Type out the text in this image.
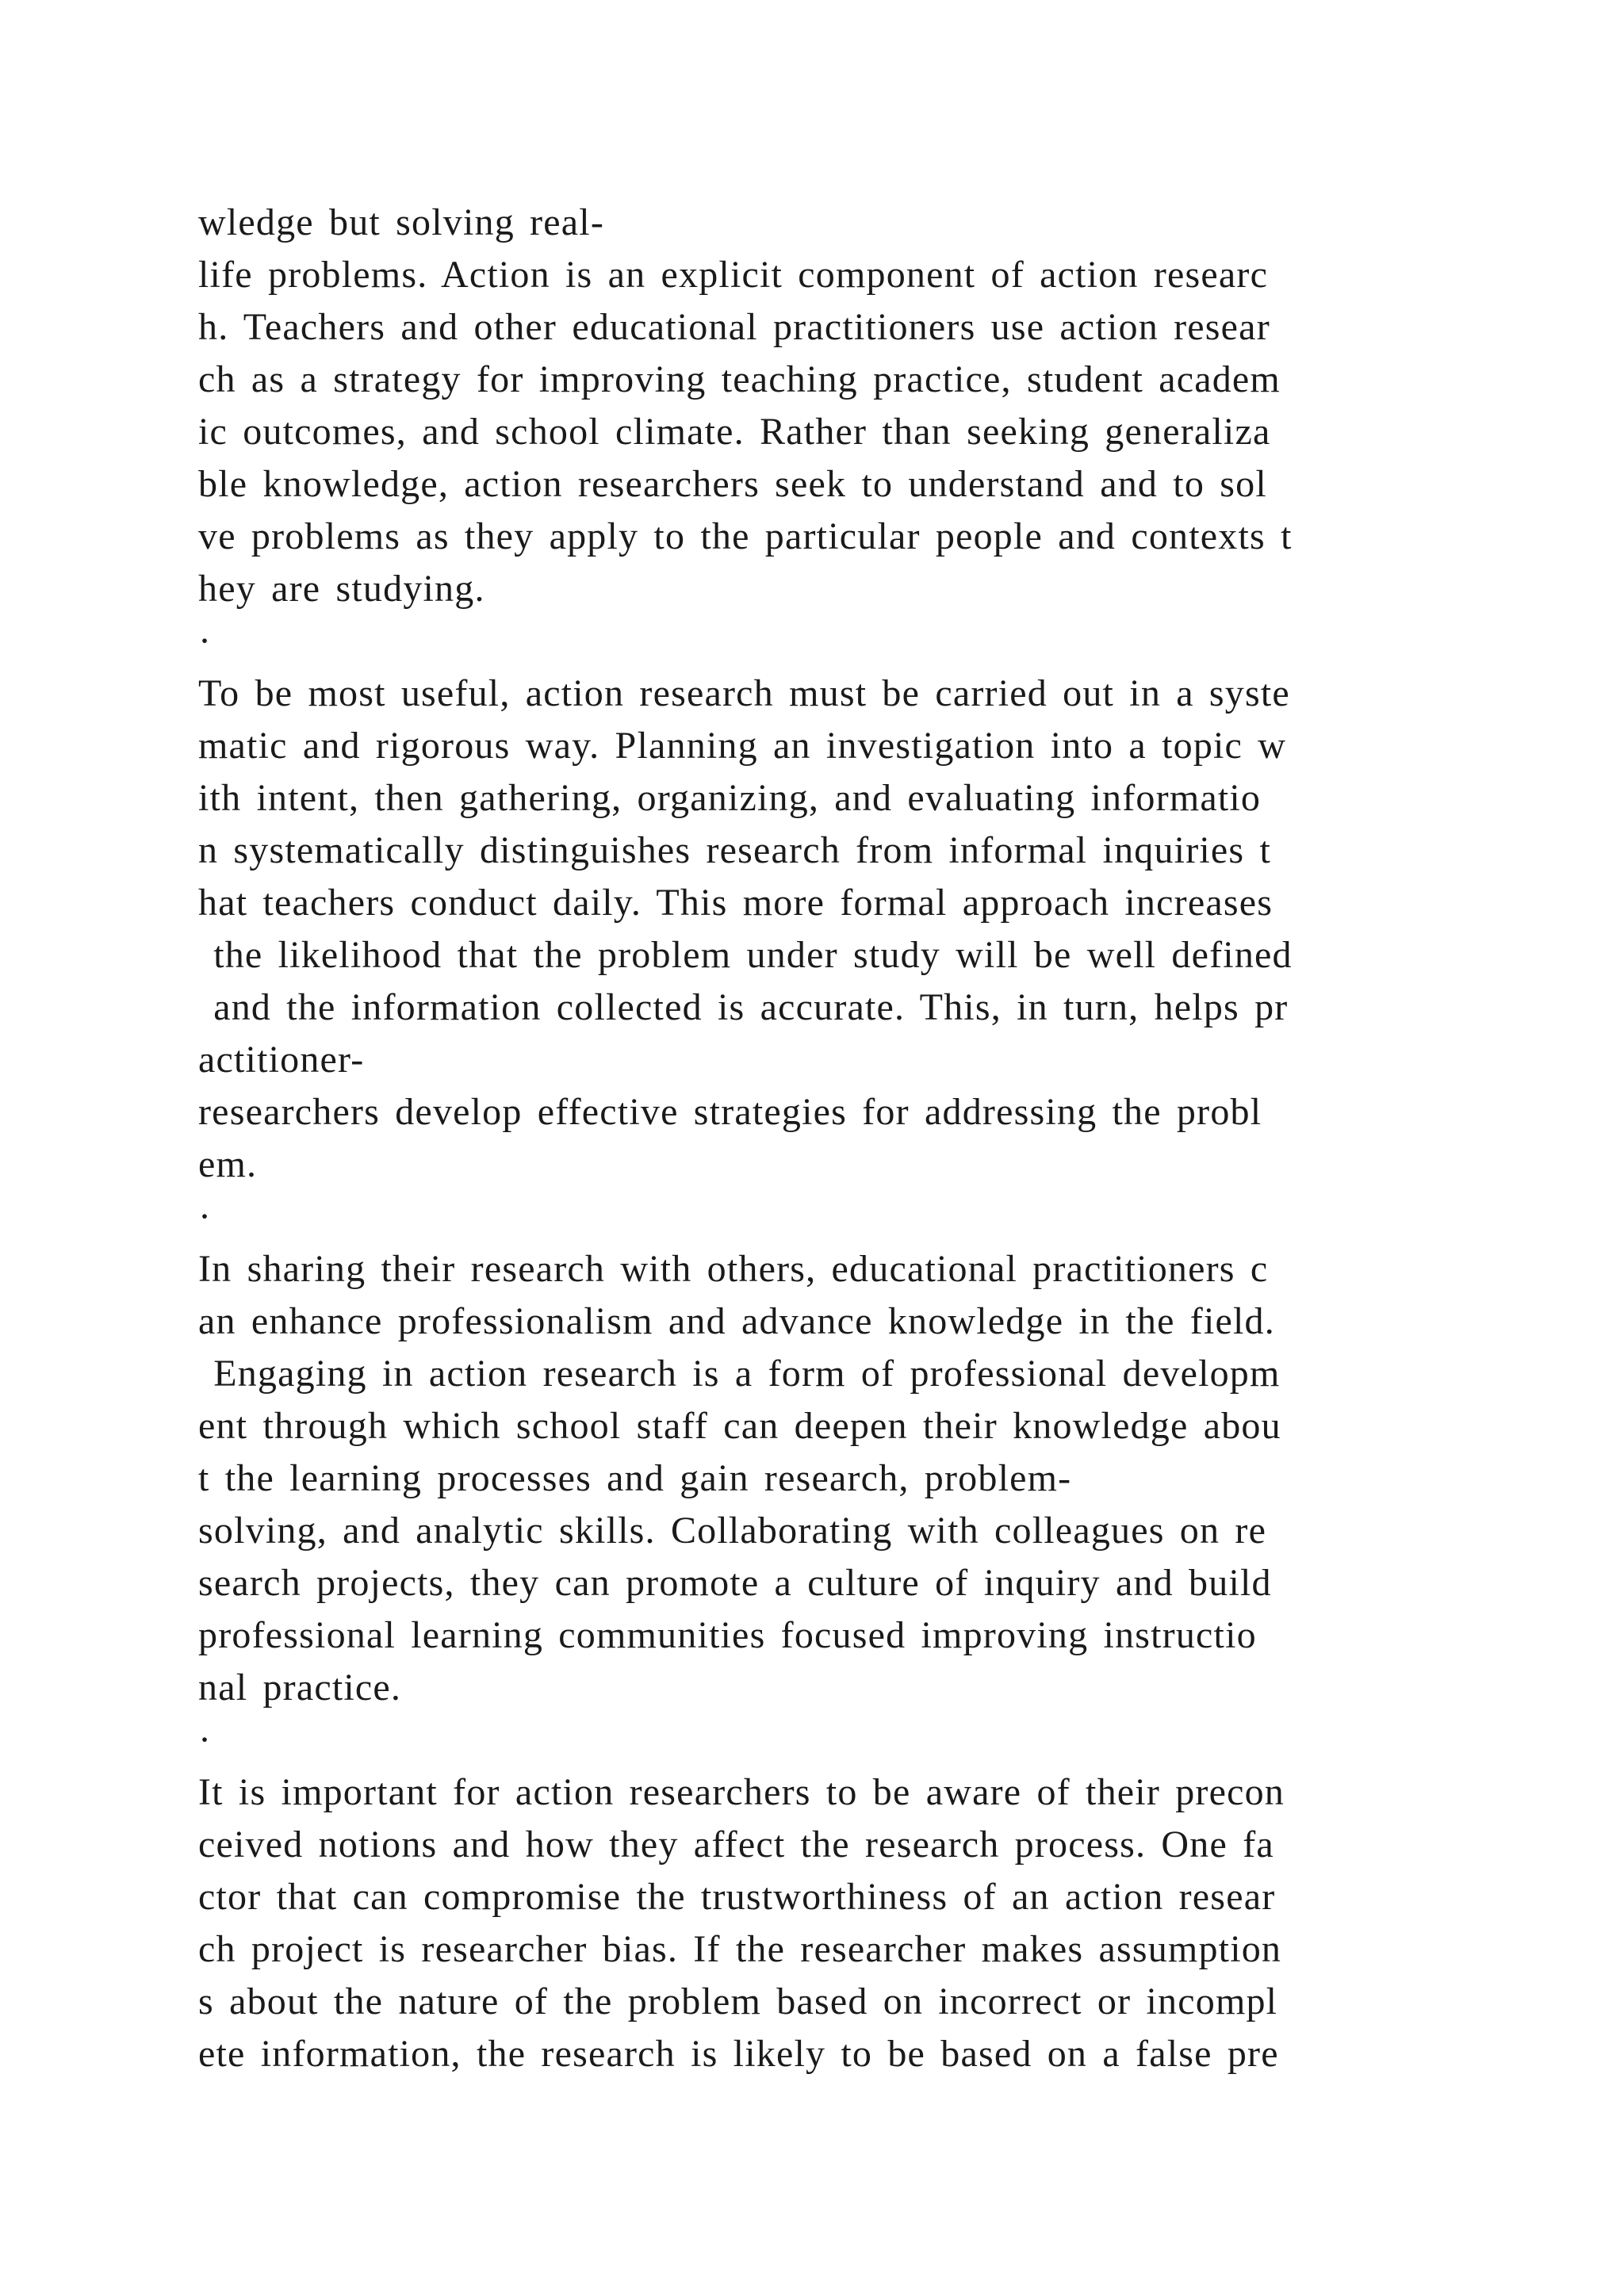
wledge but solving real-
life problems. Action is an explicit component of action researc
h. Teachers and other educational practitioners use action resear
ch as a strategy for improving teaching practice, student academ
ic outcomes, and school climate. Rather than seeking generaliza
ble knowledge, action researchers seek to understand and to sol
ve problems as they apply to the particular people and contexts t
hey are studying.
·
To be most useful, action research must be carried out in a syste
matic and rigorous way. Planning an investigation into a topic w
ith intent, then gathering, organizing, and evaluating informatio
n systematically distinguishes research from informal inquiries t
hat teachers conduct daily. This more formal approach increases
the likelihood that the problem under study will be well defined
and the information collected is accurate. This, in turn, helps pr
actitioner-
researchers develop effective strategies for addressing the probl
em.
·
In sharing their research with others, educational practitioners c
an enhance professionalism and advance knowledge in the field.
Engaging in action research is a form of professional developm
ent through which school staff can deepen their knowledge abou
t the learning processes and gain research, problem-
solving, and analytic skills. Collaborating with colleagues on re
search projects, they can promote a culture of inquiry and build
professional learning communities focused improving instructio
nal practice.
·
It is important for action researchers to be aware of their precon
ceived notions and how they affect the research process. One fa
ctor that can compromise the trustworthiness of an action resear
ch project is researcher bias. If the researcher makes assumption
s about the nature of the problem based on incorrect or incompl
ete information, the research is likely to be based on a false pre
